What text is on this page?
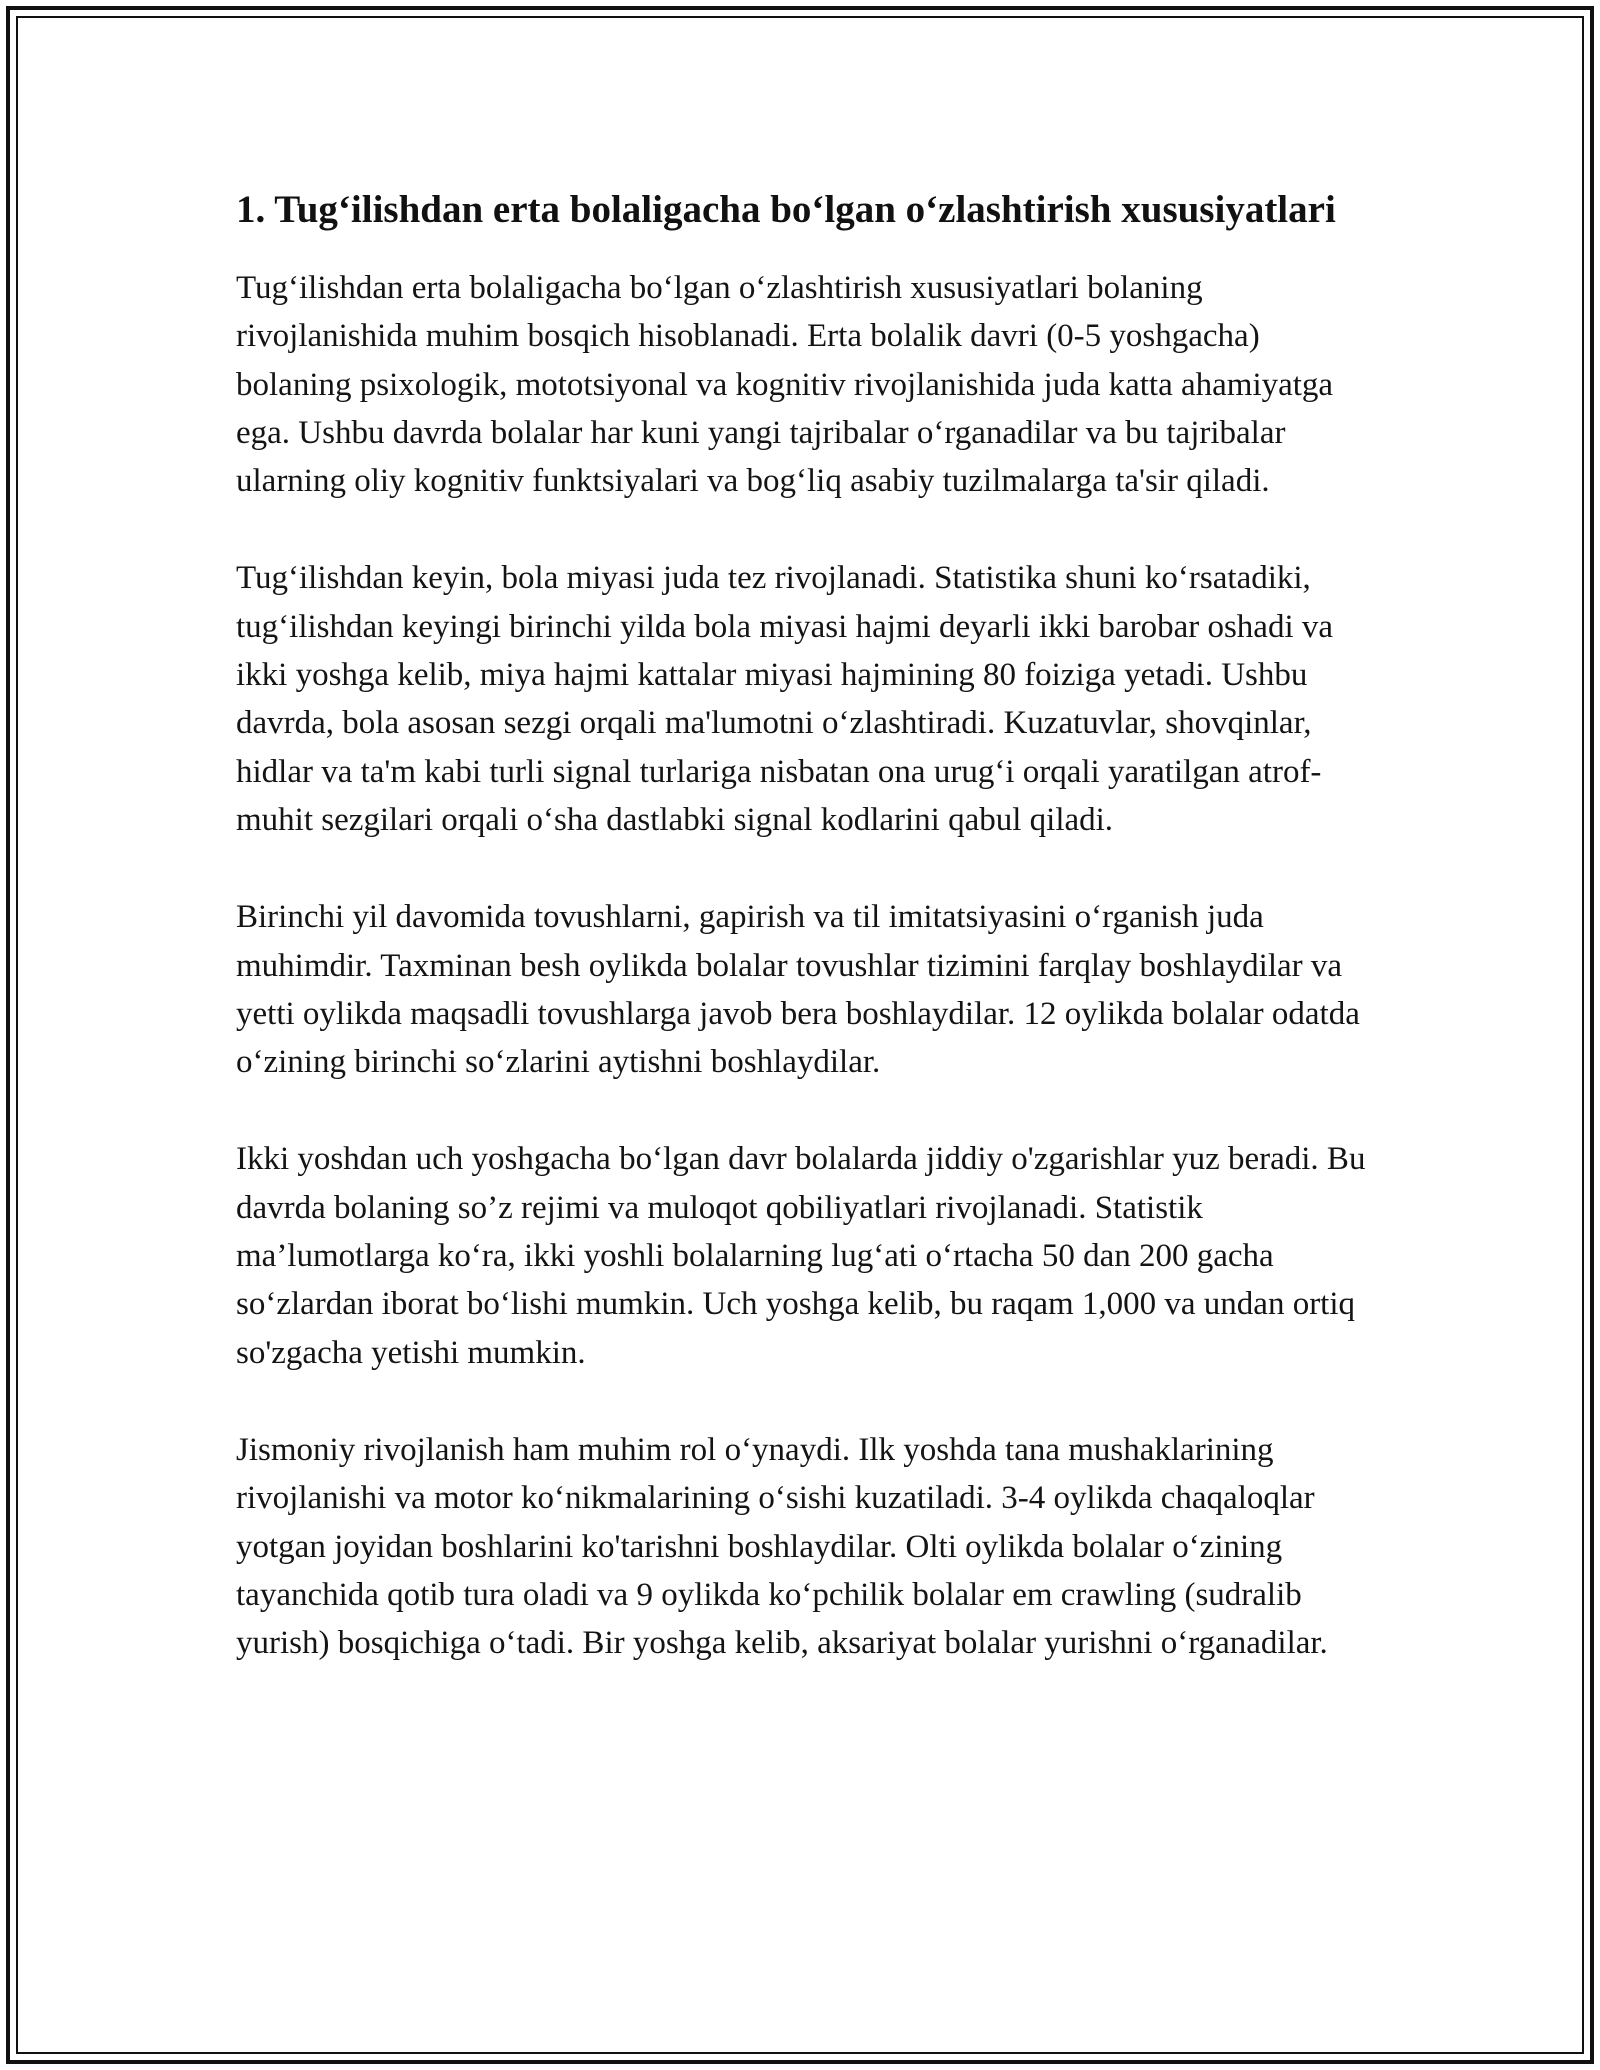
1. Tug‘ilishdan erta bolaligacha bo‘lgan o‘zlashtirish xususiyatlari

Tug‘ilishdan erta bolaligacha bo‘lgan o‘zlashtirish xususiyatlari bolaning rivojlanishida muhim bosqich hisoblanadi. Erta bolalik davri (0-5 yoshgacha) bolaning psixologik, mototsiyonal va kognitiv rivojlanishida juda katta ahamiyatga ega. Ushbu davrda bolalar har kuni yangi tajribalar o‘rganadilar va bu tajribalar ularning oliy kognitiv funktsiyalari va bog‘liq asabiy tuzilmalarga ta'sir qiladi.

Tug‘ilishdan keyin, bola miyasi juda tez rivojlanadi. Statistika shuni ko‘rsatadiki, tug‘ilishdan keyingi birinchi yilda bola miyasi hajmi deyarli ikki barobar oshadi va ikki yoshga kelib, miya hajmi kattalar miyasi hajmining 80 foiziga yetadi. Ushbu davrda, bola asosan sezgi orqali ma'lumotni o‘zlashtiradi. Kuzatuvlar, shovqinlar, hidlar va ta'm kabi turli signal turlariga nisbatan ona urug‘i orqali yaratilgan atrof-muhit sezgilari orqali o‘sha dastlabki signal kodlarini qabul qiladi.

Birinchi yil davomida tovushlarni, gapirish va til imitatsiyasini o‘rganish juda muhimdir. Taxminan besh oylikda bolalar tovushlar tizimini farqlay boshlaydilar va yetti oylikda maqsadli tovushlarga javob bera boshlaydilar. 12 oylikda bolalar odatda o‘zining birinchi so‘zlarini aytishni boshlaydilar.

Ikki yoshdan uch yoshgacha bo‘lgan davr bolalarda jiddiy o'zgarishlar yuz beradi. Bu davrda bolaning so’z rejimi va muloqot qobiliyatlari rivojlanadi. Statistik ma’lumotlarga ko‘ra, ikki yoshli bolalarning lug‘ati o‘rtacha 50 dan 200 gacha so‘zlardan iborat bo‘lishi mumkin. Uch yoshga kelib, bu raqam 1,000 va undan ortiq so'zgacha yetishi mumkin.

Jismoniy rivojlanish ham muhim rol o‘ynaydi. Ilk yoshda tana mushaklarining rivojlanishi va motor ko‘nikmalarining o‘sishi kuzatiladi. 3-4 oylikda chaqaloqlar yotgan joyidan boshlarini ko'tarishni boshlaydilar. Olti oylikda bolalar o‘zining tayanchida qotib tura oladi va 9 oylikda ko‘pchilik bolalar em crawling (sudralib yurish) bosqichiga o‘tadi. Bir yoshga kelib, aksariyat bolalar yurishni o‘rganadilar.
